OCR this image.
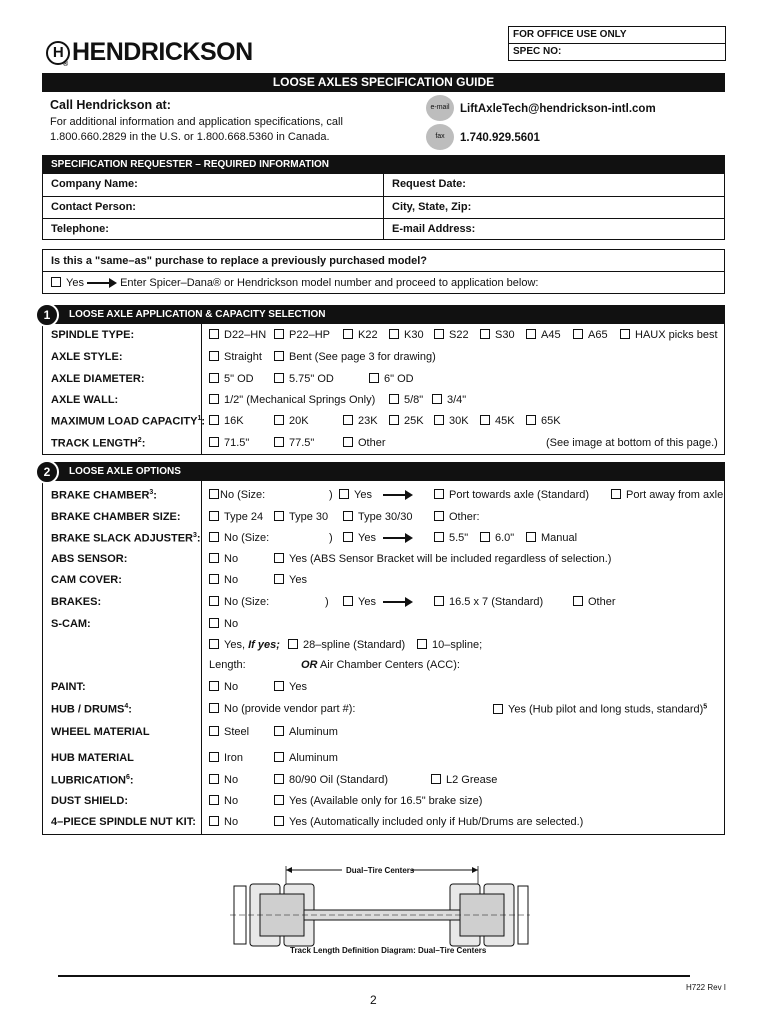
H HENDRICKSON
®
FOR OFFICE USE ONLY
SPEC NO:
LOOSE AXLES SPECIFICATION GUIDE
Call Hendrickson at:
For additional information and application specifications, call 1.800.660.2829 in the U.S. or 1.800.668.5360 in Canada.
e-mail LiftAxleTech@hendrickson-intl.com
fax	1.740.929.5601
SPECIFICATION REQUESTER – REQUIRED INFORMATION
Company Name:	Request Date:
Contact Person:	City, State, Zip:
Telephone:	E-mail Address:
Is this a "same–as" purchase to replace a previously purchased model?
Yes	Enter Spicer–Dana® or Hendrickson model number and proceed to application below:
LOOSE AXLE APPLICATION & CAPACITY SELECTION
SPINDLE TYPE:	D22–HN	P22–HP	K22	K30	S22	S30	A45	A65	HAUX picks best
AXLE STYLE:	Straight	Bent (See page 3 for drawing)
AXLE DIAMETER:	5" OD	5.75" OD	6" OD
AXLE WALL:	1/2" (Mechanical Springs Only)	5/8"	3/4"
MAXIMUM LOAD CAPACITY$^1$:	16K	20K	23K	25K	30K	45K	65K
TRACK LENGTH$^2$:	71.5"	77.5"	Other	(See image at bottom of this page.)
1
LOOSE AXLE OPTIONS
BRAKE CHAMBER$^3$:	No (Size:	)	Yes	Port towards axle (Standard)	Port away from axle
BRAKE CHAMBER SIZE:	Type 24	Type 30	Type 30/30	Other:
BRAKE SLACK ADJUSTER$^3$:	No (Size:	)	Yes	5.5"	6.0"	Manual
ABS SENSOR:	No	Yes (ABS Sensor Bracket will be included regardless of selection.)
CAM COVER:	No	Yes
BRAKES:	No (Size:	)	Yes	16.5 x 7 (Standard)	Other
S-CAM:	No
Yes, If yes;	28–spline (Standard)	10–spline;
Length:	OR Air Chamber Centers (ACC):
PAINT:	No	Yes
HUB / DRUMS$^4$:	No (provide vendor part #):	Yes (Hub pilot and long studs, standard)$^5$
WHEEL MATERIAL	Steel	Aluminum
HUB MATERIAL	Iron	Aluminum
LUBRICATION$^6$:	No	80/90 Oil (Standard)	L2 Grease
DUST SHIELD:	No	Yes (Available only for 16.5" brake size)
4–PIECE SPINDLE NUT KIT:	No	Yes (Automatically included only if Hub/Drums are selected.)
2
Dual–Tire Centers
Track Length Definition Diagram: Dual–Tire Centers
2
H722 Rev I
